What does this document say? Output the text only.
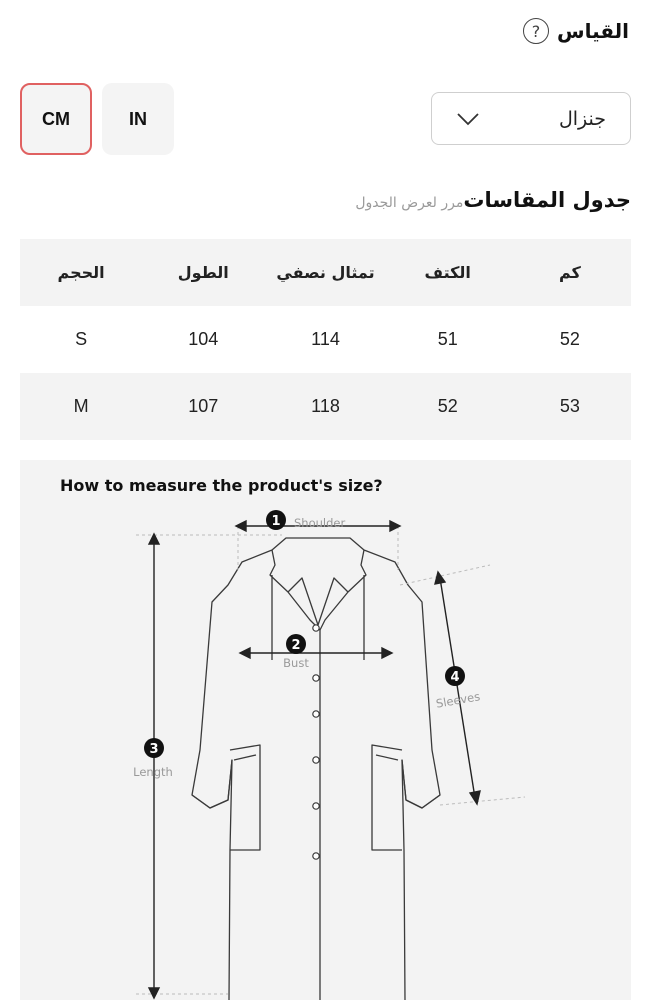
القياس
?
CM	IN	جنزال
جدول المقاسات
مرر لعرض الجدول
الحجم	الطول	تمثال نصفي	الكتف	كم
S	104	114	51	52
M	107	118	52	53
How to measure the product's size?
1 Shoulder
2
Bust
3
Length
4
Sleeves
